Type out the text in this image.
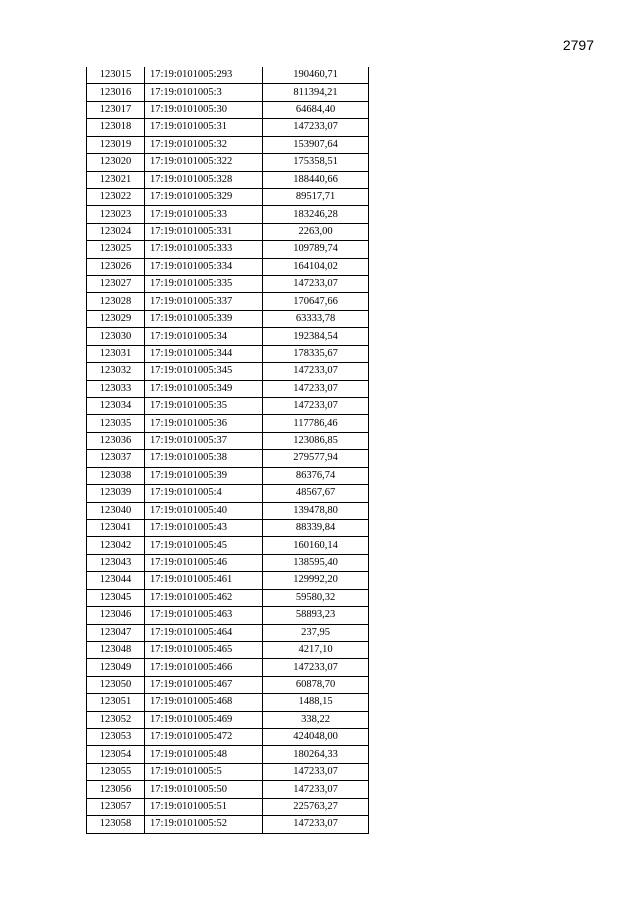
2797
123015	17:19:0101005:293	190460,71
123016	17:19:0101005:3	811394,21
123017	17:19:0101005:30	64684,40
123018	17:19:0101005:31	147233,07
123019	17:19:0101005:32	153907,64
123020	17:19:0101005:322	175358,51
123021	17:19:0101005:328	188440,66
123022	17:19:0101005:329	89517,71
123023	17:19:0101005:33	183246,28
123024	17:19:0101005:331	2263,00
123025	17:19:0101005:333	109789,74
123026	17:19:0101005:334	164104,02
123027	17:19:0101005:335	147233,07
123028	17:19:0101005:337	170647,66
123029	17:19:0101005:339	63333,78
123030	17:19:0101005:34	192384,54
123031	17:19:0101005:344	178335,67
123032	17:19:0101005:345	147233,07
123033	17:19:0101005:349	147233,07
123034	17:19:0101005:35	147233,07
123035	17:19:0101005:36	117786,46
123036	17:19:0101005:37	123086,85
123037	17:19:0101005:38	279577,94
123038	17:19:0101005:39	86376,74
123039	17:19:0101005:4	48567,67
123040	17:19:0101005:40	139478,80
123041	17:19:0101005:43	88339,84
123042	17:19:0101005:45	160160,14
123043	17:19:0101005:46	138595,40
123044	17:19:0101005:461	129992,20
123045	17:19:0101005:462	59580,32
123046	17:19:0101005:463	58893,23
123047	17:19:0101005:464	237,95
123048	17:19:0101005:465	4217,10
123049	17:19:0101005:466	147233,07
123050	17:19:0101005:467	60878,70
123051	17:19:0101005:468	1488,15
123052	17:19:0101005:469	338,22
123053	17:19:0101005:472	424048,00
123054	17:19:0101005:48	180264,33
123055	17:19:0101005:5	147233,07
123056	17:19:0101005:50	147233,07
123057	17:19:0101005:51	225763,27
123058	17:19:0101005:52	147233,07
